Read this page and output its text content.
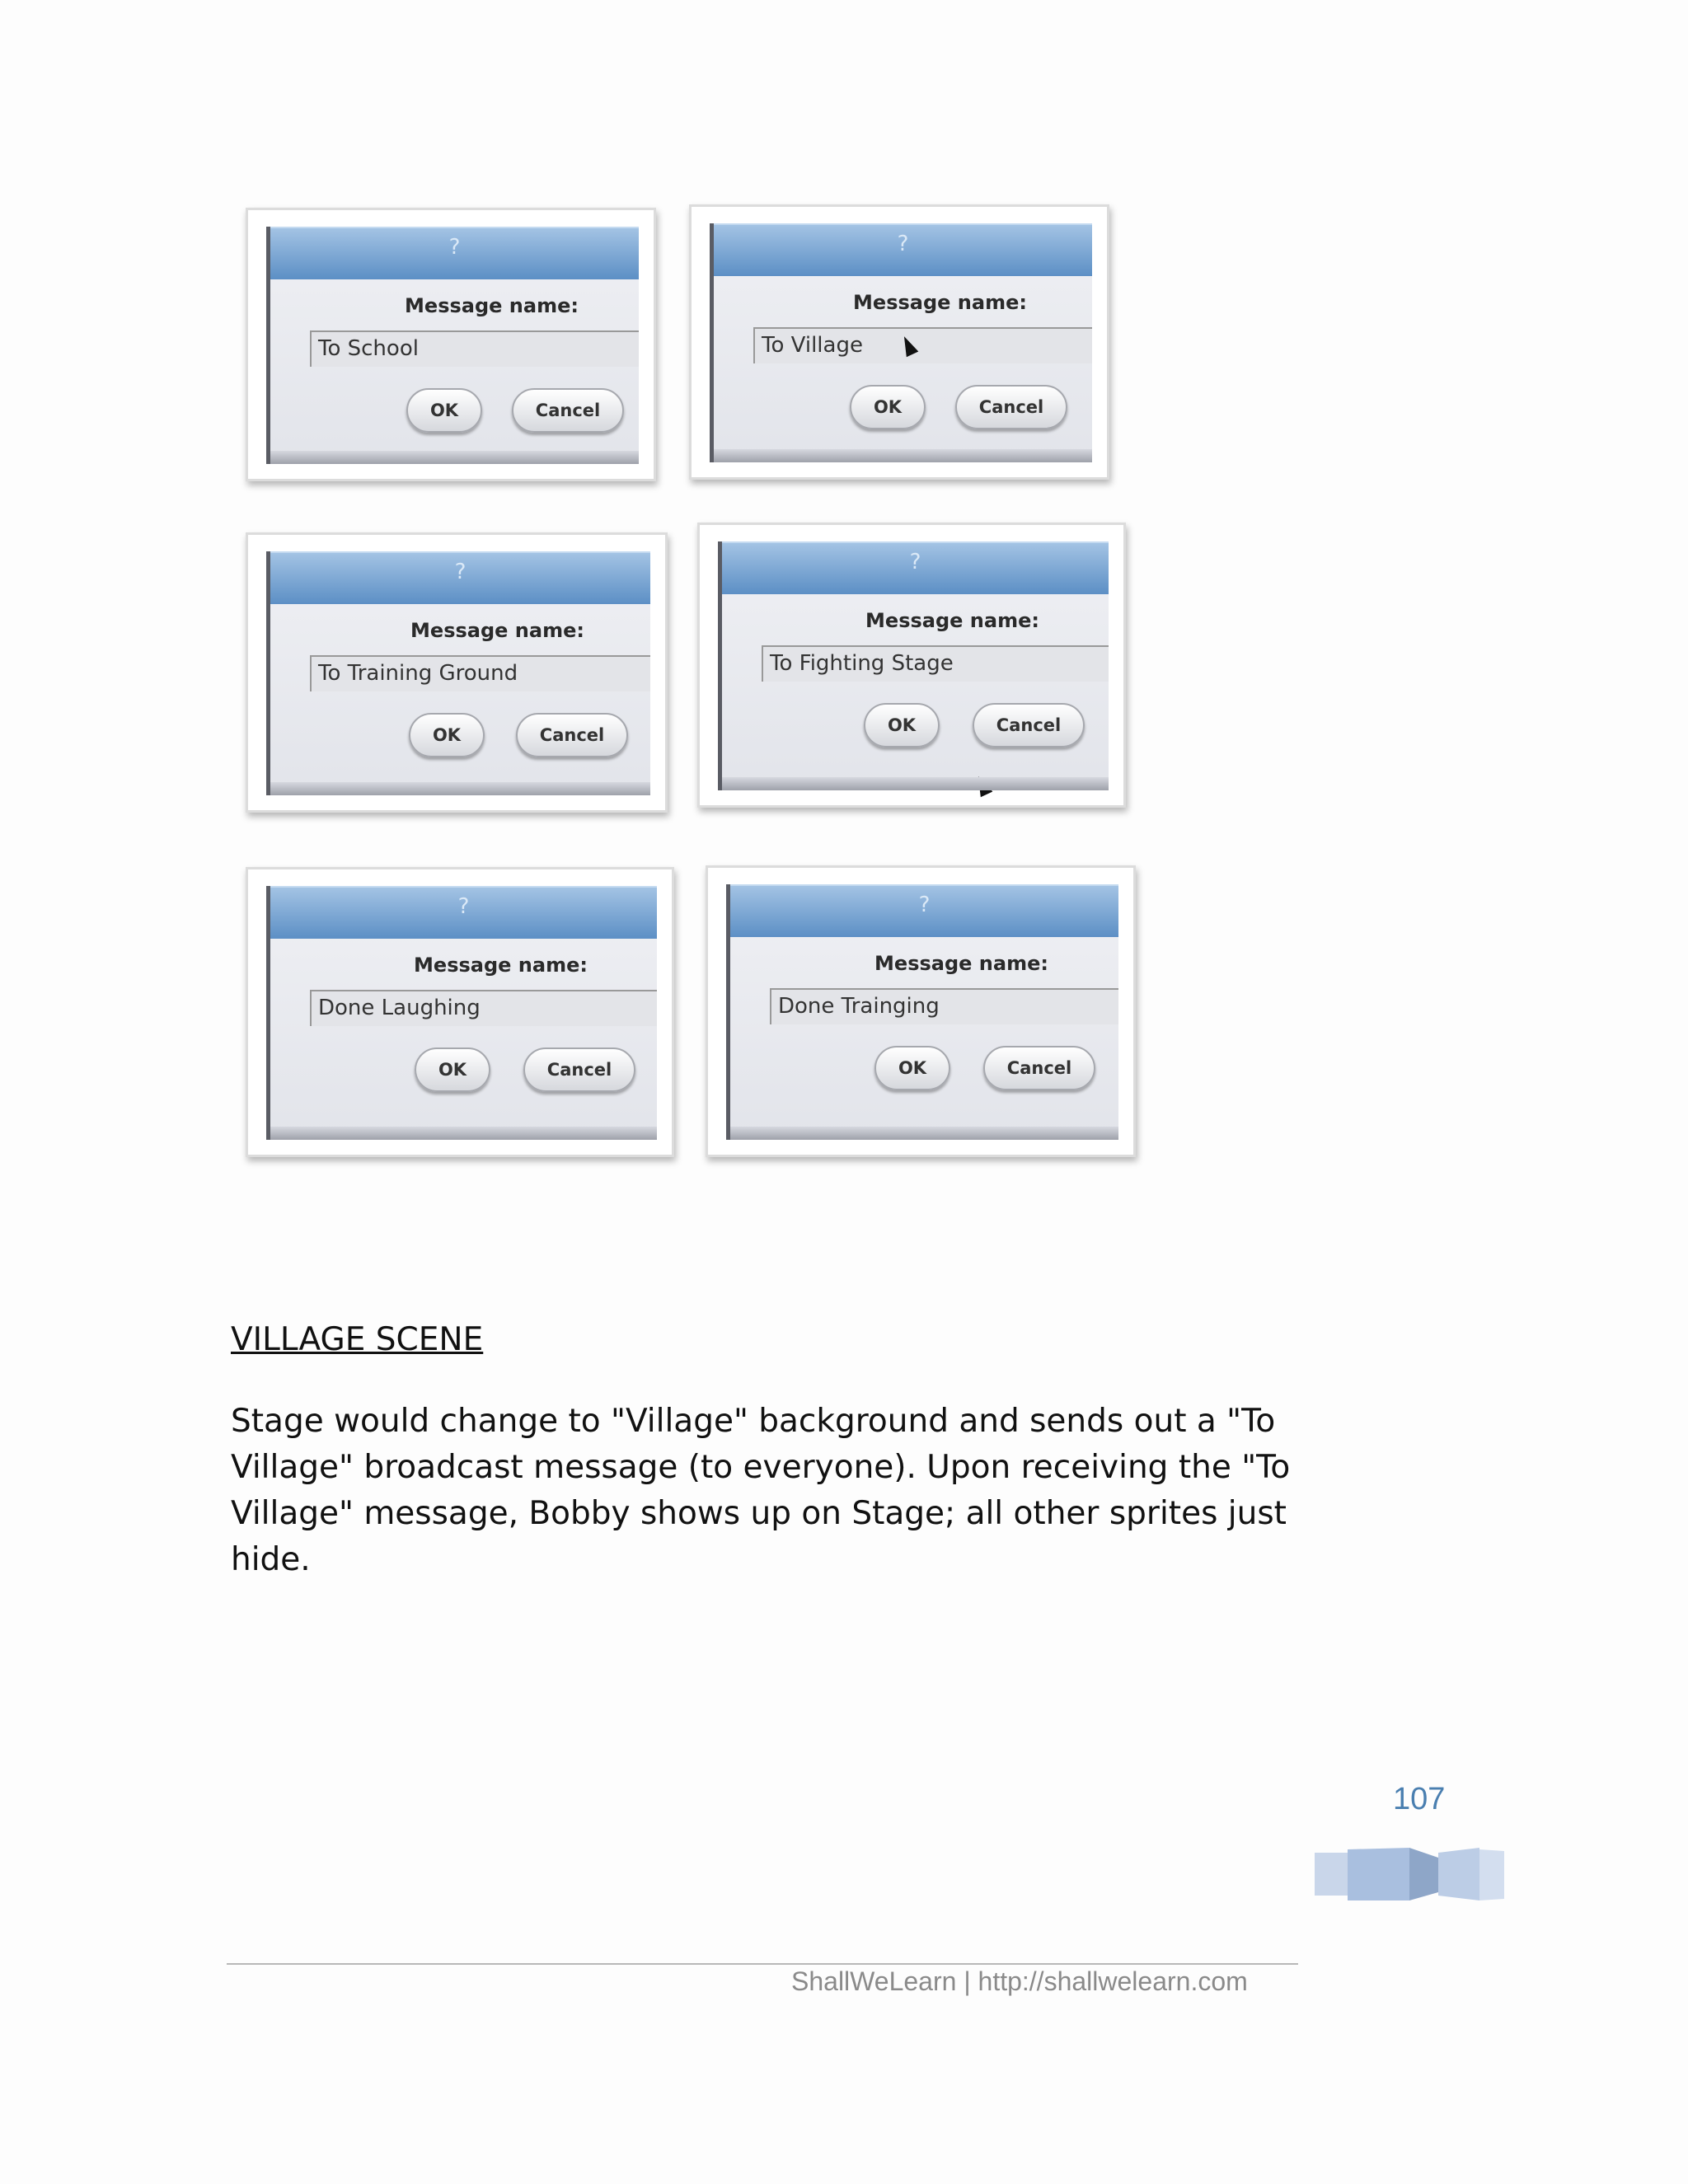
?
Message name:
To School
OK	Cancel
?
Message name:
To Village
OK	Cancel
?
Message name:
To Training Ground
OK	Cancel
?
Message name:
To Fighting Stage
OK	Cancel
?
Message name:
Done Laughing
OK	Cancel
?
Message name:
Done Trainging
OK	Cancel
VILLAGE SCENE
Stage would change to "Village" background and sends out a "To Village" broadcast message (to everyone). Upon receiving the "To Village" message, Bobby shows up on Stage; all other sprites just hide.
107
ShallWeLearn | http://shallwelearn.com
